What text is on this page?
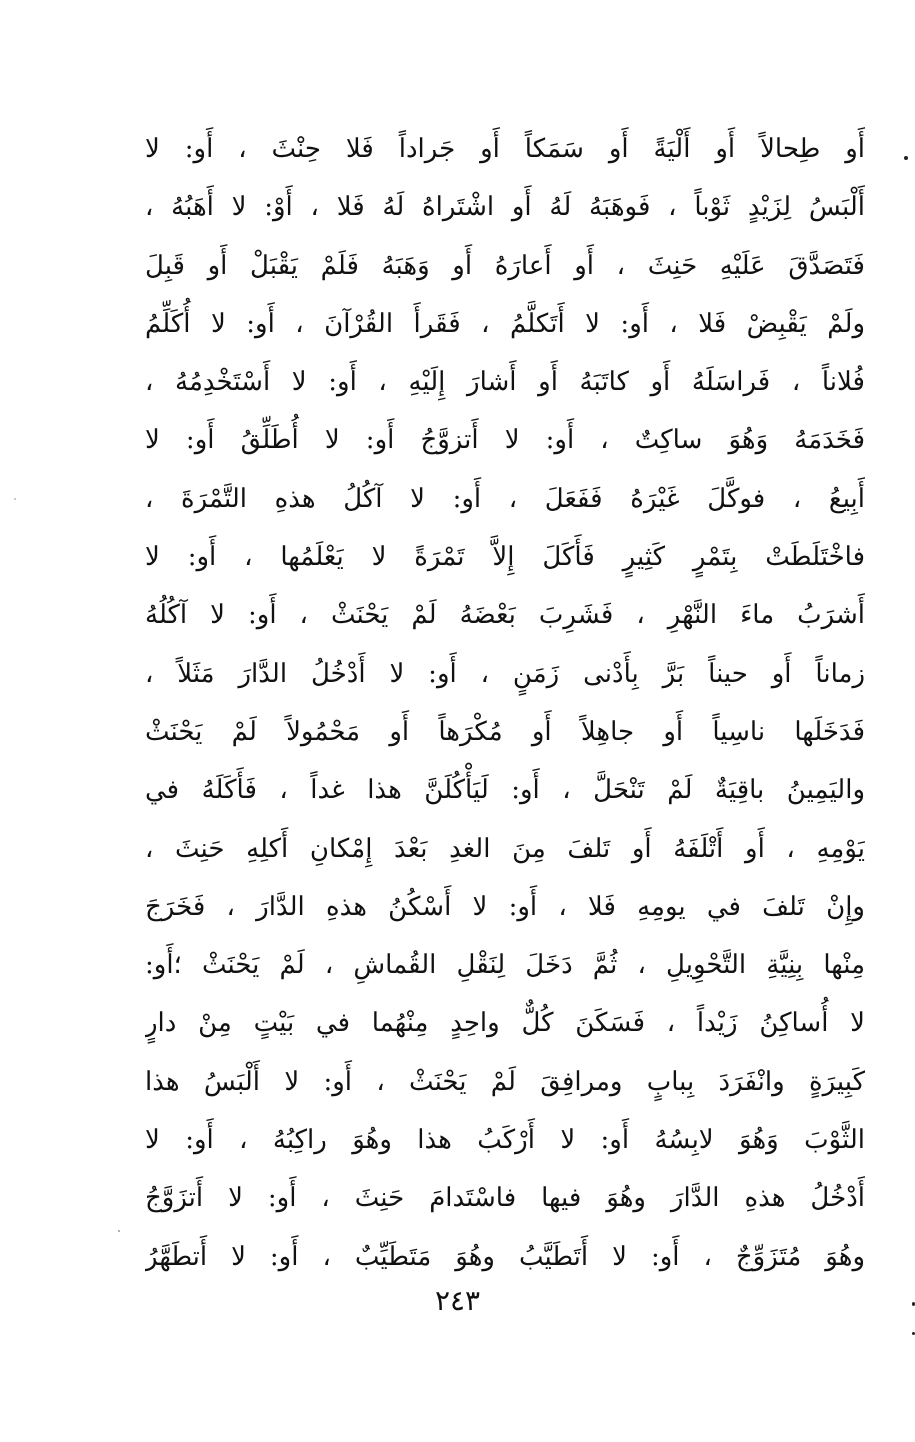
أَو طِحالاً أَو أَلْيَةً أَو سَمَكاً أَو جَراداً فَلا حِنْثَ ، أَو: لا
أَلْبَسُ لِزَيْدٍ ثَوْباً ، فَوهَبَهُ لَهُ أَو اشْتَراهُ لَهُ فَلا ، أَوْ: لا أَهَبُهُ ،
فَتَصَدَّقَ عَلَيْهِ حَنِثَ ، أَو أَعارَهُ أَو وَهَبَهُ فَلَمْ يَقْبَلْ أَو قَبِلَ
ولَمْ يَقْبِضْ فَلا ، أَو: لا أَتَكلَّمُ ، فَقَرأَ القُرْآنَ ، أَو: لا أُكَلِّمُ
فُلاناً ، فَراسَلَهُ أَو كاتَبَهُ أَو أَشارَ إِلَيْهِ ، أَو: لا أَسْتَخْدِمُهُ ،
فَخَدَمَهُ وَهُوَ ساكِتٌ ، أَو: لا أَتزوَّجُ أَو: لا أُطَلِّقُ أَو: لا
أَبِيعُ ، فوكَّلَ غَيْرَهُ فَفَعَلَ ، أَو: لا آكُلُ هذهِ التَّمْرَةَ ،
فاخْتَلَطَتْ بِتَمْرٍ كَثِيرٍ فَأَكَلَ إِلاَّ تَمْرَةً لا يَعْلَمُها ، أَو: لا
أَشرَبُ ماءَ النَّهْرِ ، فَشَرِبَ بَعْضَهُ لَمْ يَحْنَثْ ، أَو: لا آكُلُهُ
زماناً أَو حيناً بَرَّ بِأَدْنى زَمَنٍ ، أَو: لا أَدْخُلُ الدَّارَ مَثَلاً ،
فَدَخَلَها ناسِياً أَو جاهِلاً أَو مُكْرَهاً أَو مَحْمُولاً لَمْ يَحْنَثْ
واليَمِينُ باقِيَةٌ لَمْ تَنْحَلَّ ، أَو: لَيَأْكُلَنَّ هذا غداً ، فَأَكَلَهُ في
يَوْمِهِ ، أَو أَتْلَفَهُ أَو تَلفَ مِنَ الغدِ بَعْدَ إِمْكانِ أَكلِهِ حَنِثَ ،
وإِنْ تَلفَ في يومِهِ فَلا ، أَو: لا أَسْكُنُ هذهِ الدَّارَ ، فَخَرَجَ
مِنْها بِنِيَّةِ التَّحْوِيلِ ، ثُمَّ دَخَلَ لِنَقْلِ القُماشِ ، لَمْ يَحْنَثْ ؛أَو:
لا أُساكِنُ زَيْداً ، فَسَكَنَ كُلٌّ واحِدٍ مِنْهُما في بَيْتٍ مِنْ دارٍ
كَبِيرَةٍ وانْفَرَدَ بِبابٍ ومرافِقَ لَمْ يَحْنَثْ ، أَو: لا أَلْبَسُ هذا
الثَّوْبَ وَهُوَ لابِسُهُ أَو: لا أَرْكَبُ هذا وهُوَ راكِبُهُ ، أَو: لا
أَدْخُلُ هذهِ الدَّارَ وهُوَ فيها فاسْتَدامَ حَنِثَ ، أَو: لا أَتزَوَّجُ
وهُوَ مُتَزَوِّجٌ ، أَو: لا أَتَطَيَّبُ وهُوَ مَتَطَيِّبٌ ، أَو: لا أَتطَهَّرُ
٢٤٣
